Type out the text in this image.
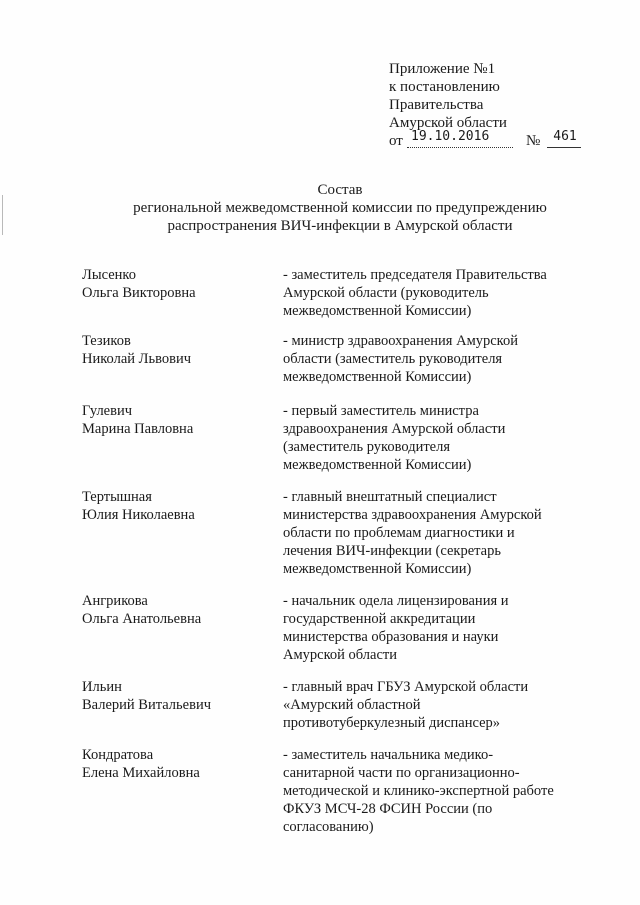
Приложение №1
к постановлению
Правительства
Амурской области
от 19.10.2016	№ 461
Состав
региональной межведомственной комиссии по предупреждению
распространения ВИЧ-инфекции в Амурской области
Лысенко
Ольга Викторовна
- заместитель председателя Правительства
Амурской области (руководитель
межведомственной Комиссии)
Тезиков
Николай Львович
- министр здравоохранения Амурской
области (заместитель руководителя
межведомственной Комиссии)
Гулевич
Марина Павловна
- первый заместитель министра
здравоохранения Амурской области
(заместитель руководителя
межведомственной Комиссии)
Тертышная
Юлия Николаевна
- главный внештатный специалист
министерства здравоохранения Амурской
области по проблемам диагностики и
лечения ВИЧ-инфекции (секретарь
межведомственной Комиссии)
Ангрикова
Ольга Анатольевна
- начальник одела лицензирования и
государственной аккредитации
министерства образования и науки
Амурской области
Ильин
Валерий Витальевич
- главный врач ГБУЗ Амурской области
«Амурский областной
противотуберкулезный диспансер»
Кондратова
Елена Михайловна
- заместитель начальника медико-
санитарной части по организационно-
методической и клинико-экспертной работе
ФКУЗ МСЧ-28 ФСИН России (по
согласованию)
